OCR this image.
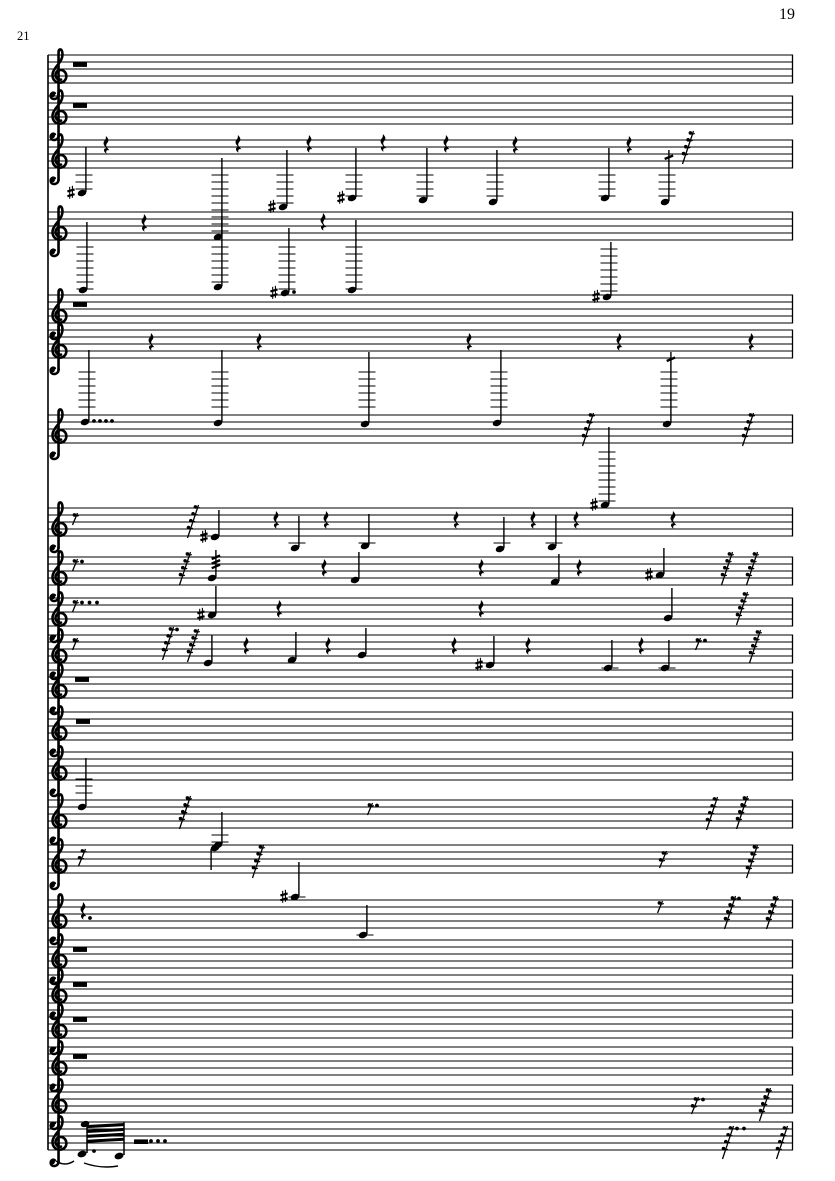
19
21
